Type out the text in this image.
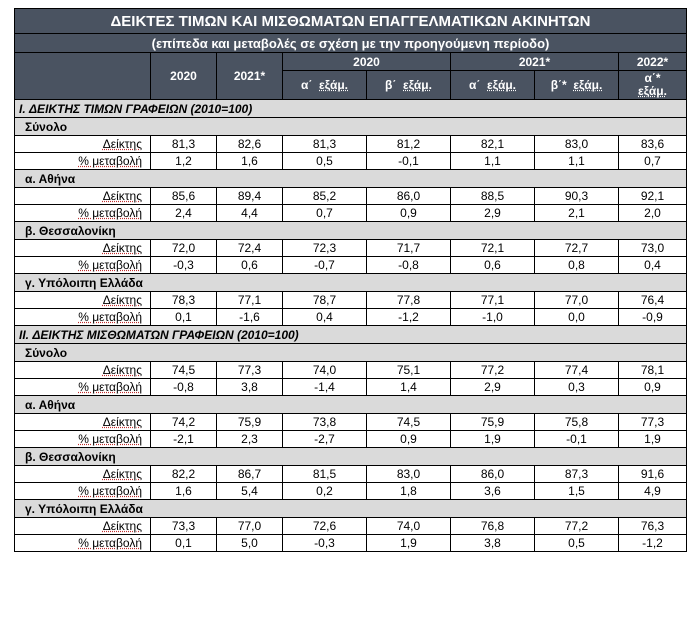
ΔΕΙΚΤΕΣ ΤΙΜΩΝ ΚΑΙ ΜΙΣΘΩΜΑΤΩΝ ΕΠΑΓΓΕΛΜΑΤΙΚΩΝ ΑΚΙΝΗΤΩΝ							
(επίπεδα και μεταβολές σε σχέση με την προηγούμενη περίοδο)							
	2020	2021*	2020		2021*		2022*
			α΄ εξάμ.	β΄ εξάμ.	α΄ εξάμ.	β΄* εξάμ.	α΄*
εξάμ.
I. ΔΕΙΚΤΗΣ ΤΙΜΩΝ ΓΡΑΦΕΙΩΝ (2010=100)							
Σύνολο							
Δείκτης	81,3	82,6	81,3	81,2	82,1	83,0	83,6
% μεταβολή	1,2	1,6	0,5	-0,1	1,1	1,1	0,7
α. Αθήνα							
Δείκτης	85,6	89,4	85,2	86,0	88,5	90,3	92,1
% μεταβολή	2,4	4,4	0,7	0,9	2,9	2,1	2,0
β. Θεσσαλονίκη							
Δείκτης	72,0	72,4	72,3	71,7	72,1	72,7	73,0
% μεταβολή	-0,3	0,6	-0,7	-0,8	0,6	0,8	0,4
γ. Υπόλοιπη Ελλάδα							
Δείκτης	78,3	77,1	78,7	77,8	77,1	77,0	76,4
% μεταβολή	0,1	-1,6	0,4	-1,2	-1,0	0,0	-0,9
II. ΔΕΙΚΤΗΣ ΜΙΣΘΩΜΑΤΩΝ ΓΡΑΦΕΙΩΝ (2010=100)							
Σύνολο							
Δείκτης	74,5	77,3	74,0	75,1	77,2	77,4	78,1
% μεταβολή	-0,8	3,8	-1,4	1,4	2,9	0,3	0,9
α. Αθήνα							
Δείκτης	74,2	75,9	73,8	74,5	75,9	75,8	77,3
% μεταβολή	-2,1	2,3	-2,7	0,9	1,9	-0,1	1,9
β. Θεσσαλονίκη							
Δείκτης	82,2	86,7	81,5	83,0	86,0	87,3	91,6
% μεταβολή	1,6	5,4	0,2	1,8	3,6	1,5	4,9
γ. Υπόλοιπη Ελλάδα							
Δείκτης	73,3	77,0	72,6	74,0	76,8	77,2	76,3
% μεταβολή	0,1	5,0	-0,3	1,9	3,8	0,5	-1,2
